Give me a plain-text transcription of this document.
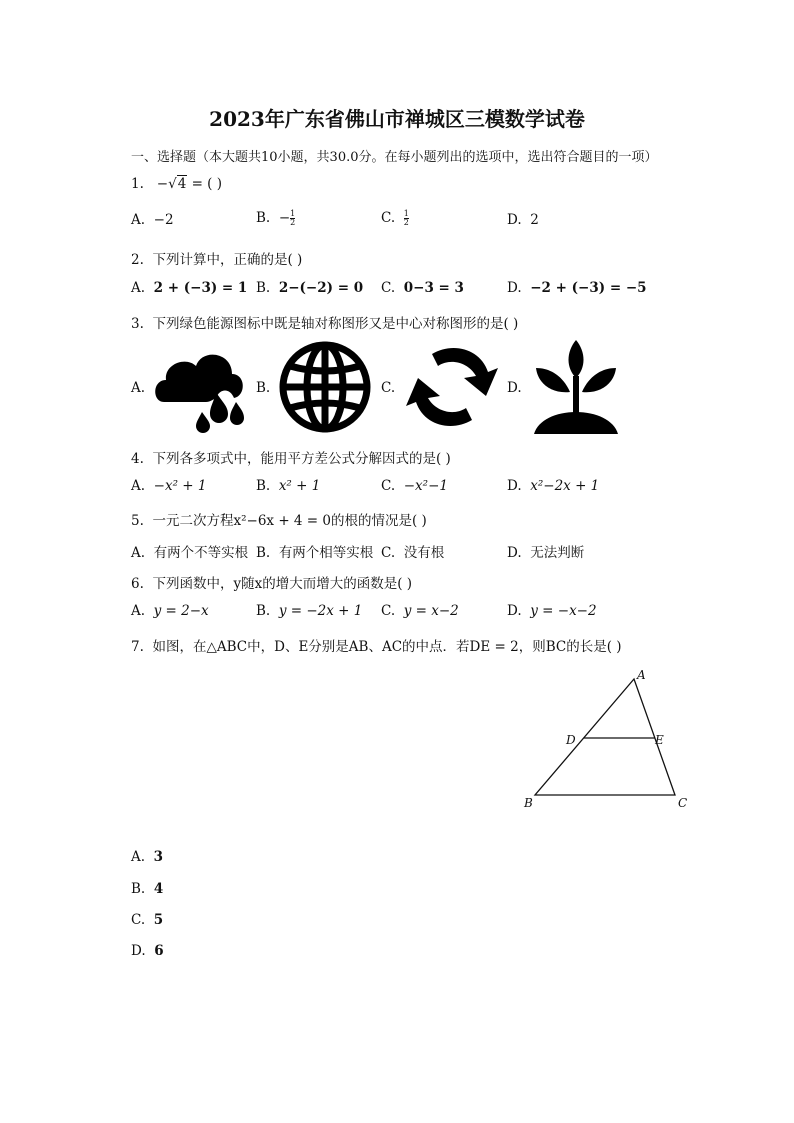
2023年广东省佛山市禅城区三模数学试卷
一、选择题（本大题共10小题，共30.0分。在每小题列出的选项中，选出符合题目的一项）
1. −√4 = ( )
A. −2	B. − $\frac{1}{2}$	C. $\frac{1}{2}$	D. 2
2. 下列计算中，正确的是( )
A. 2 + (−3) = 1 B. 2−(−2) = 0 C. 0−3 = 3	D. −2 + (−3) = −5
3. 下列绿色能源图标中既是轴对称图形又是中心对称图形的是( )
A.	B.	C.	D.
4. 下列各多项式中，能用平方差公式分解因式的是( )
A. −x² + 1	B. x² + 1	C. −x²−1	D. x²−2x + 1
5. 一元二次方程x²−6x + 4 = 0的根的情况是( )
A. 有两个不等实根 B. 有两个相等实根 C. 没有根	D. 无法判断
6. 下列函数中，y随x的增大而增大的函数是( )
A. y = 2−x	B. y = −2x + 1 C. y = x−2	D. y = −x−2
7. 如图，在△ABC中，D、E分别是AB、AC的中点．若DE = 2，则BC的长是( )
A
B	C
D	E
A. 3
B. 4
C. 5
D. 6
